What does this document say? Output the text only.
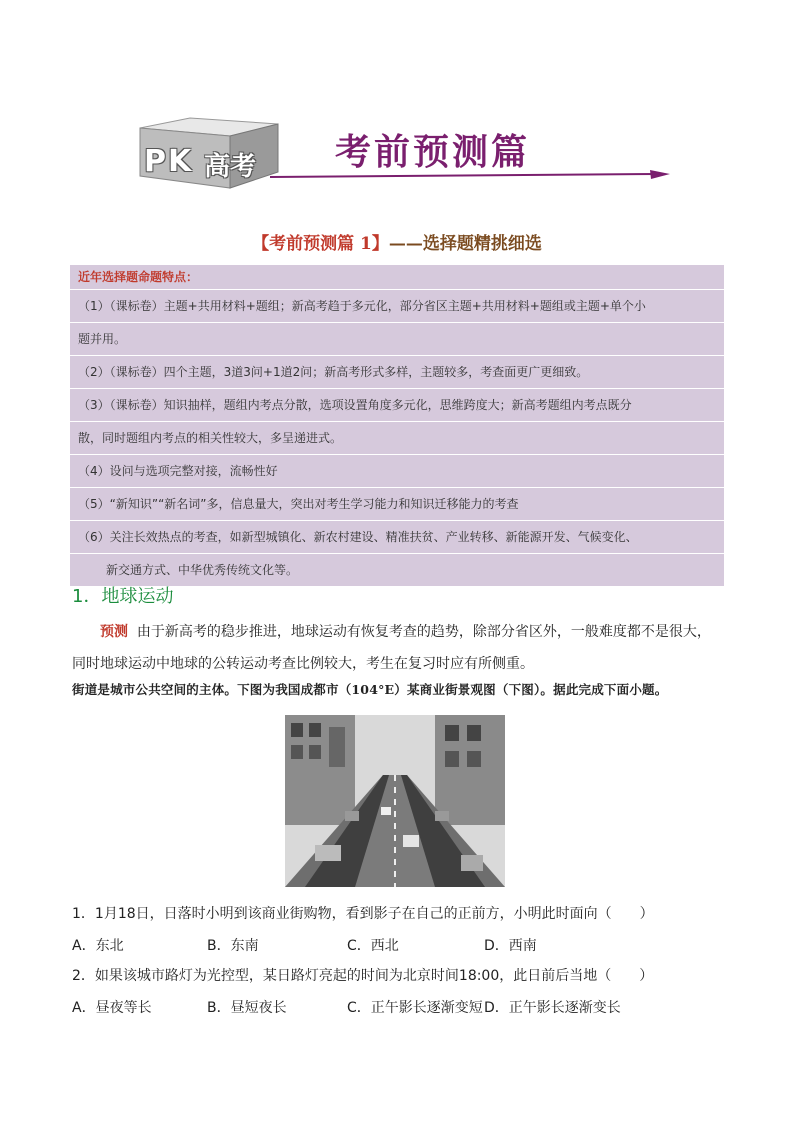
PK 高考 考前预测篇
【考前预测篇 1】——选择题精挑细选
近年选择题命题特点：
（1）（课标卷）主题+共用材料+题组；新高考趋于多元化，部分省区主题+共用材料+题组或主题+单个小
题并用。
（2）（课标卷）四个主题，3道3问+1道2问；新高考形式多样，主题较多，考查面更广更细致。
（3）（课标卷）知识抽样，题组内考点分散，选项设置角度多元化，思维跨度大；新高考题组内考点既分
散，同时题组内考点的相关性较大，多呈递进式。
（4）设问与选项完整对接，流畅性好
（5）“新知识”“新名词”多，信息量大，突出对考生学习能力和知识迁移能力的考查
（6）关注长效热点的考查，如新型城镇化、新农村建设、精准扶贫、产业转移、新能源开发、气候变化、
新交通方式、中华优秀传统文化等。
1．地球运动
预测 由于新高考的稳步推进，地球运动有恢复考查的趋势，除部分省区外，一般难度都不是很大，
同时地球运动中地球的公转运动考查比例较大，考生在复习时应有所侧重。
街道是城市公共空间的主体。下图为我国成都市（104°E）某商业街景观图（下图）。据此完成下面小题。
1．1月18日，日落时小明到该商业街购物，看到影子在自己的正前方，小明此时面向（　　）
A．东北	B．东南	C．西北	D．西南
2．如果该城市路灯为光控型，某日路灯亮起的时间为北京时间18:00，此日前后当地（　　）
A．昼夜等长	B．昼短夜长	C．正午影长逐渐变短 D．正午影长逐渐变长
